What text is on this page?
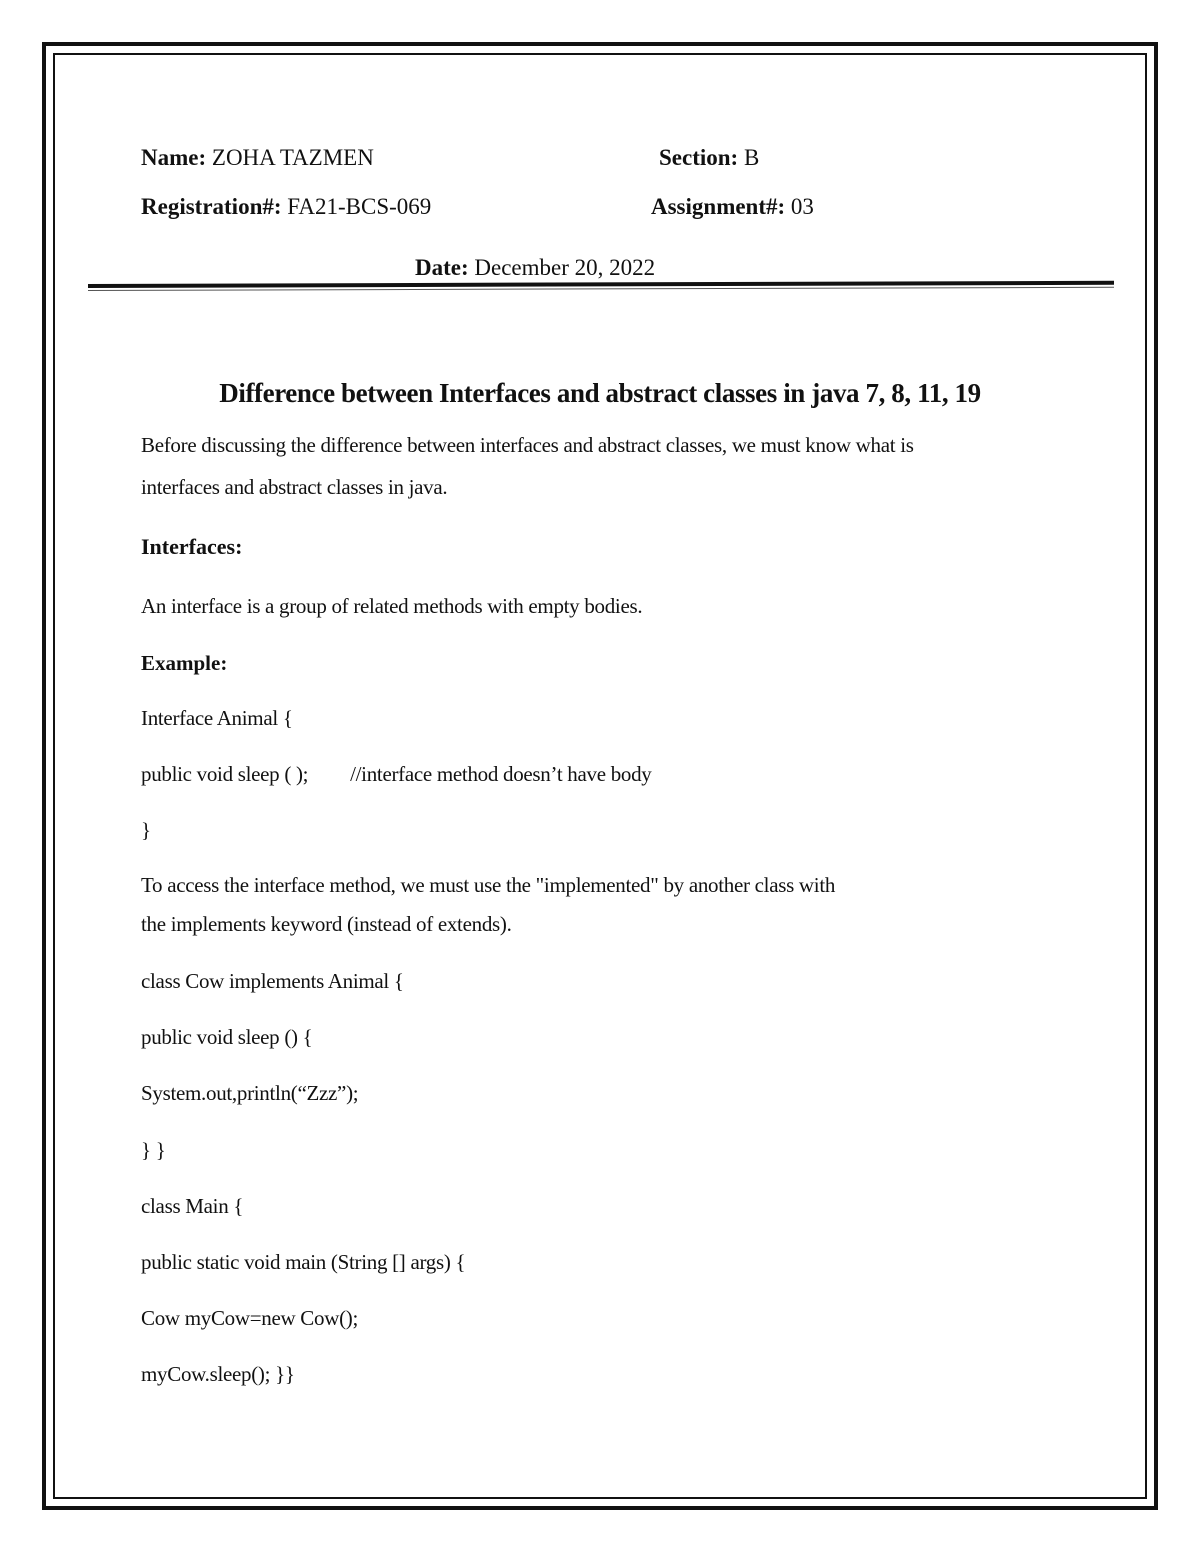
Name: ZOHA TAZMEN	Section: B
Registration#: FA21-BCS-069	Assignment#: 03
Date: December 20, 2022
Difference between Interfaces and abstract classes in java 7, 8, 11, 19
Before discussing the difference between interfaces and abstract classes, we must know what is
interfaces and abstract classes in java.
Interfaces:
An interface is a group of related methods with empty bodies.
Example:
Interface Animal {
public void sleep ( ); //interface method doesn’t have body
}
To access the interface method, we must use the "implemented" by another class with
the implements keyword (instead of extends).
class Cow implements Animal {
public void sleep () {
System.out,println(“Zzz”);
} }
class Main {
public static void main (String [] args) {
Cow myCow=new Cow();
myCow.sleep(); }}
